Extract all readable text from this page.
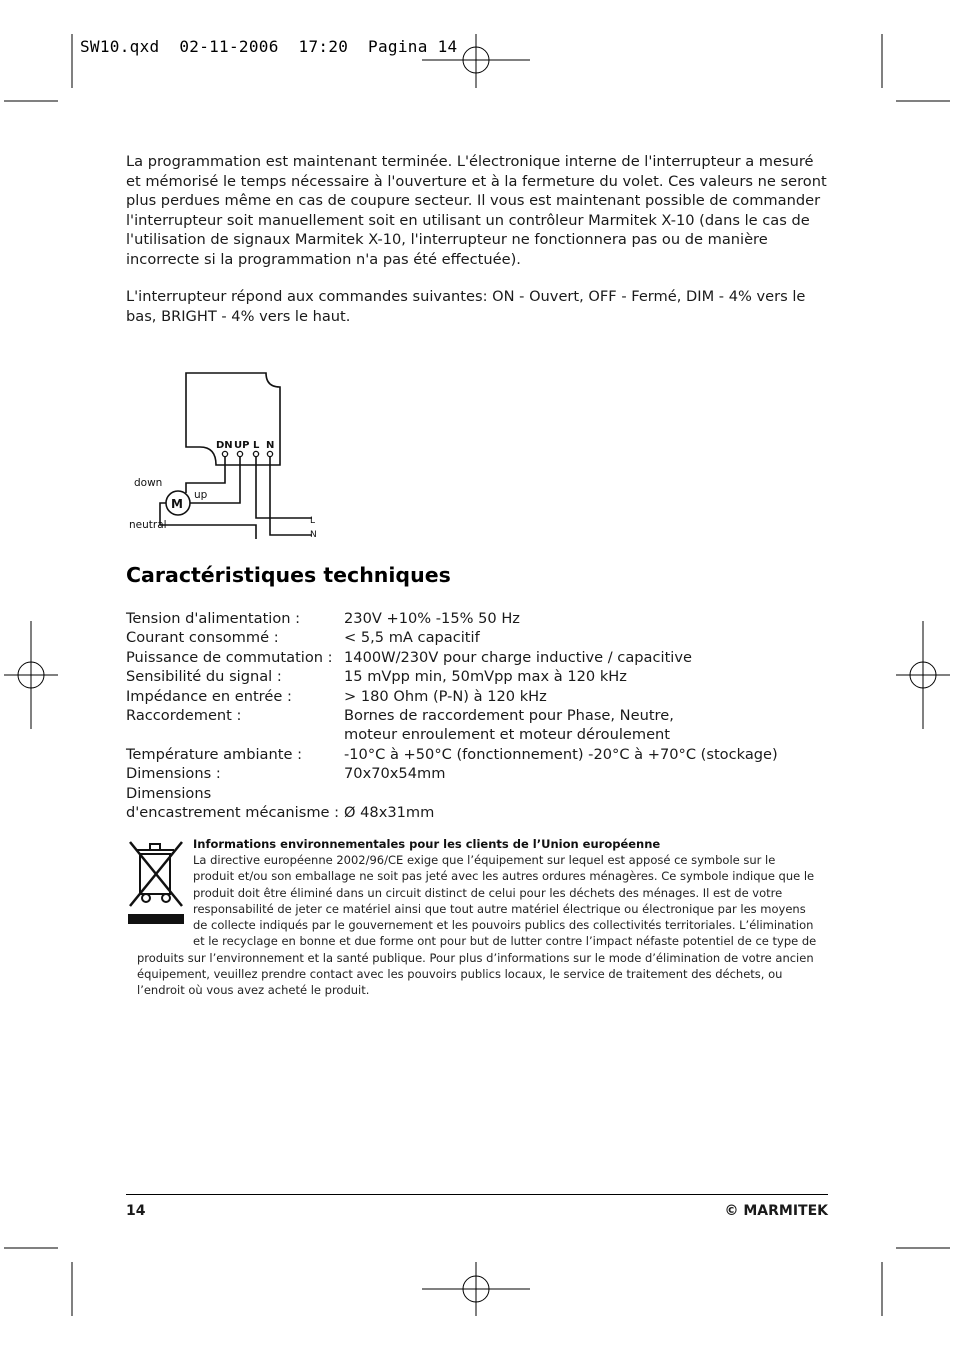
SW10.qxd  02-11-2006  17:20  Pagina 14

La programmation est maintenant terminée. L'électronique interne de l'interrupteur a mesuré et mémorisé le temps nécessaire à l'ouverture et à la fermeture du volet. Ces valeurs ne seront plus perdues même en cas de coupure secteur. Il vous est maintenant possible de commander l'interrupteur soit manuellement soit en utilisant un contrôleur Marmitek X-10 (dans le cas de l'utilisation de signaux Marmitek X-10, l'interrupteur ne fonctionnera pas ou de manière incorrecte si la programmation n'a pas été effectuée).

L'interrupteur répond aux commandes suivantes: ON - Ouvert, OFF - Fermé, DIM - 4% vers le bas, BRIGHT - 4% vers le haut.

DN UP L N
M
down
up
neutral	L
N
Caractéristiques techniques
Tension d'alimentation :	230V +10% -15% 50 Hz
Courant consommé :	< 5,5 mA capacitif
Puissance de commutation : 1400W/230V pour charge inductive / capacitive
Sensibilité du signal :	15 mVpp min, 50mVpp max à 120 kHz
Impédance en entrée :	> 180 Ohm (P-N) à 120 kHz
Raccordement :	Bornes de raccordement pour Phase, Neutre,
moteur enroulement et moteur déroulement
Température ambiante :	-10°C à +50°C (fonctionnement) -20°C à +70°C (stockage)
Dimensions :	70x70x54mm
Dimensions
d'encastrement mécanisme : Ø 48x31mm
Informations environnementales pour les clients de l’Union européenne

La directive européenne 2002/96/CE exige que l’équipement sur lequel est apposé ce symbole sur le produit et/ou son emballage ne soit pas jeté avec les autres ordures ménagères. Ce symbole indique que le produit doit être éliminé dans un circuit distinct de celui pour les déchets des ménages. Il est de votre responsabilité de jeter ce matériel ainsi que tout autre matériel électrique ou électronique par les moyens de collecte indiqués par le gouvernement et les pouvoirs publics des collectivités territoriales. L’élimination et le recyclage en bonne et due forme ont pour but de lutter contre l’impact néfaste potentiel de ce type de produits sur l’environnement et la santé publique. Pour plus d’informations sur le mode d’élimination de votre ancien équipement, veuillez prendre contact avec les pouvoirs publics locaux, le service de traitement des déchets, ou l’endroit où vous avez acheté le produit.

14	© MARMITEK
